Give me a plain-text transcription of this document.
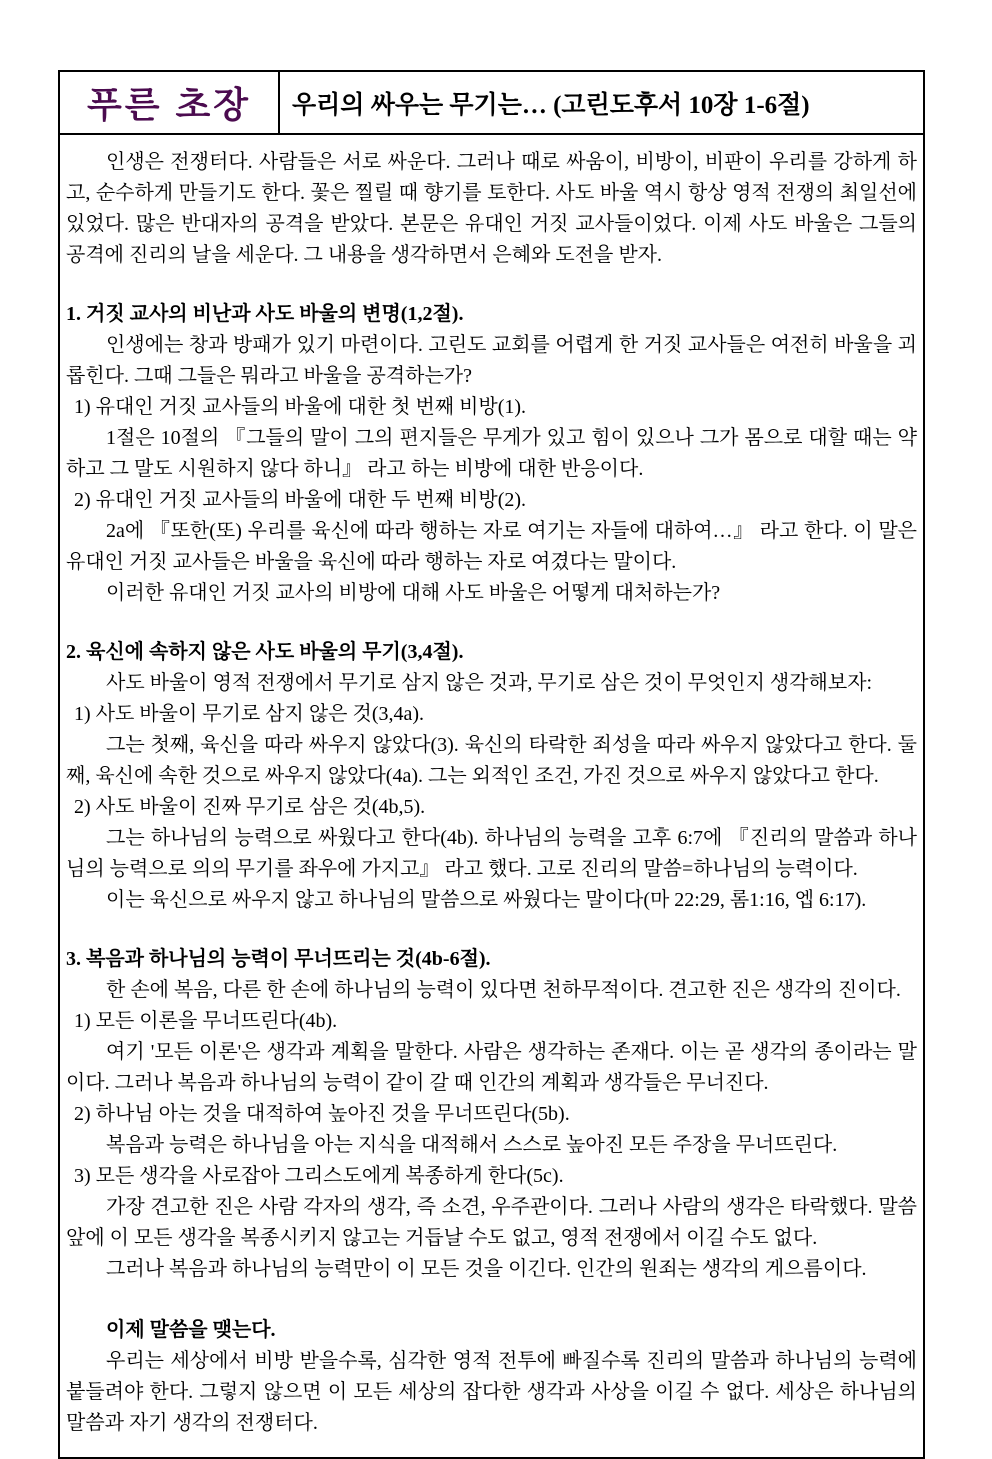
푸른 초장 우리의 싸우는 무기는… (고린도후서 10장 1-6절)

인생은 전쟁터다. 사람들은 서로 싸운다. 그러나 때로 싸움이, 비방이, 비판이 우리를 강하게 하고, 순수하게 만들기도 한다. 꽃은 찔릴 때 향기를 토한다. 사도 바울 역시 항상 영적 전쟁의 최일선에 있었다. 많은 반대자의 공격을 받았다. 본문은 유대인 거짓 교사들이었다. 이제 사도 바울은 그들의 공격에 진리의 날을 세운다. 그 내용을 생각하면서 은혜와 도전을 받자.

1. 거짓 교사의 비난과 사도 바울의 변명(1,2절).

인생에는 창과 방패가 있기 마련이다. 고린도 교회를 어렵게 한 거짓 교사들은 여전히 바울을 괴롭힌다. 그때 그들은 뭐라고 바울을 공격하는가?

1) 유대인 거짓 교사들의 바울에 대한 첫 번째 비방(1).

1절은 10절의 『그들의 말이 그의 편지들은 무게가 있고 힘이 있으나 그가 몸으로 대할 때는 약하고 그 말도 시원하지 않다 하니』 라고 하는 비방에 대한 반응이다.

2) 유대인 거짓 교사들의 바울에 대한 두 번째 비방(2).

2a에 『또한(또) 우리를 육신에 따라 행하는 자로 여기는 자들에 대하여…』 라고 한다. 이 말은 유대인 거짓 교사들은 바울을 육신에 따라 행하는 자로 여겼다는 말이다.

이러한 유대인 거짓 교사의 비방에 대해 사도 바울은 어떻게 대처하는가?

2. 육신에 속하지 않은 사도 바울의 무기(3,4절).

사도 바울이 영적 전쟁에서 무기로 삼지 않은 것과, 무기로 삼은 것이 무엇인지 생각해보자:

1) 사도 바울이 무기로 삼지 않은 것(3,4a).

그는 첫째, 육신을 따라 싸우지 않았다(3). 육신의 타락한 죄성을 따라 싸우지 않았다고 한다. 둘째, 육신에 속한 것으로 싸우지 않았다(4a). 그는 외적인 조건, 가진 것으로 싸우지 않았다고 한다.

2) 사도 바울이 진짜 무기로 삼은 것(4b,5).

그는 하나님의 능력으로 싸웠다고 한다(4b). 하나님의 능력을 고후 6:7에 『진리의 말씀과 하나님의 능력으로 의의 무기를 좌우에 가지고』 라고 했다. 고로 진리의 말씀=하나님의 능력이다.

이는 육신으로 싸우지 않고 하나님의 말씀으로 싸웠다는 말이다(마 22:29, 롬1:16, 엡 6:17).

3. 복음과 하나님의 능력이 무너뜨리는 것(4b-6절).

한 손에 복음, 다른 한 손에 하나님의 능력이 있다면 천하무적이다. 견고한 진은 생각의 진이다.

1) 모든 이론을 무너뜨린다(4b).

여기 '모든 이론'은 생각과 계획을 말한다. 사람은 생각하는 존재다. 이는 곧 생각의 종이라는 말이다. 그러나 복음과 하나님의 능력이 같이 갈 때 인간의 계획과 생각들은 무너진다.

2) 하나님 아는 것을 대적하여 높아진 것을 무너뜨린다(5b).

복음과 능력은 하나님을 아는 지식을 대적해서 스스로 높아진 모든 주장을 무너뜨린다.

3) 모든 생각을 사로잡아 그리스도에게 복종하게 한다(5c).

가장 견고한 진은 사람 각자의 생각, 즉 소견, 우주관이다. 그러나 사람의 생각은 타락했다. 말씀 앞에 이 모든 생각을 복종시키지 않고는 거듭날 수도 없고, 영적 전쟁에서 이길 수도 없다.

그러나 복음과 하나님의 능력만이 이 모든 것을 이긴다. 인간의 원죄는 생각의 게으름이다.

이제 말씀을 맺는다.

우리는 세상에서 비방 받을수록, 심각한 영적 전투에 빠질수록 진리의 말씀과 하나님의 능력에 붙들려야 한다. 그렇지 않으면 이 모든 세상의 잡다한 생각과 사상을 이길 수 없다. 세상은 하나님의 말씀과 자기 생각의 전쟁터다.
